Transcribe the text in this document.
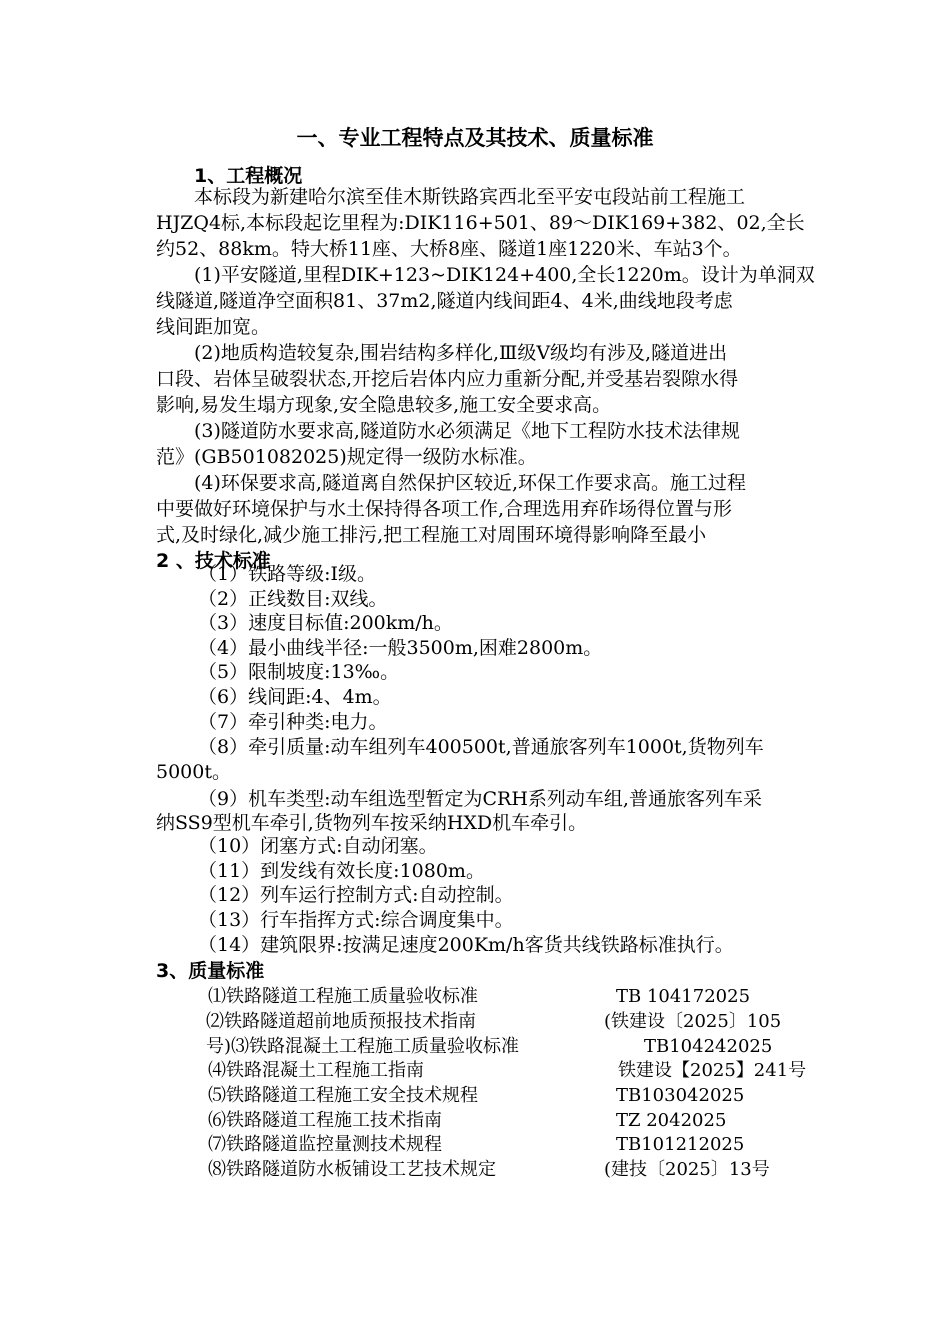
一、专业工程特点及其技术、质量标准
1、工程概况
本标段为新建哈尔滨至佳木斯铁路宾西北至平安屯段站前工程施工
HJZQ4标,本标段起讫里程为:DIK116+501、89～DIK169+382、02,全长
约52、88km。特大桥11座、大桥8座、隧道1座1220米、车站3个。
(1)平安隧道,里程DIK+123~DIK124+400,全长1220m。设计为单洞双
线隧道,隧道净空面积81、37m2,隧道内线间距4、4米,曲线地段考虑
线间距加宽。
(2)地质构造较复杂,围岩结构多样化,Ⅲ级Ⅴ级均有涉及,隧道进出
口段、岩体呈破裂状态,开挖后岩体内应力重新分配,并受基岩裂隙水得
影响,易发生塌方现象,安全隐患较多,施工安全要求高。
(3)隧道防水要求高,隧道防水必须满足《地下工程防水技术法律规
范》(GB501082025)规定得一级防水标准。
(4)环保要求高,隧道离自然保护区较近,环保工作要求高。施工过程
中要做好环境保护与水土保持得各项工作,合理选用弃砟场得位置与形
式,及时绿化,减少施工排污,把工程施工对周围环境得影响降至最小
2 、技术标准
（1）铁路等级:Ⅰ级。
（2）正线数目:双线。
（3）速度目标值:200km/h。
（4）最小曲线半径:一般3500m,困难2800m。
（5）限制坡度:13‰。
（6）线间距:4、4m。
（7）牵引种类:电力。
（8）牵引质量:动车组列车400500t,普通旅客列车1000t,货物列车
5000t。
（9）机车类型:动车组选型暂定为CRH系列动车组,普通旅客列车采
纳SS9型机车牵引,货物列车按采纳HXD机车牵引。
（10）闭塞方式:自动闭塞。
（11）到发线有效长度:1080m。
（12）列车运行控制方式:自动控制。
（13）行车指挥方式:综合调度集中。
（14）建筑限界:按满足速度200Km/h客货共线铁路标准执行。
3、质量标准
⑴铁路隧道工程施工质量验收标准	TB 104172025
⑵铁路隧道超前地质预报技术指南	(铁建设〔2025〕105
号)⑶铁路混凝土工程施工质量验收标准	TB104242025
⑷铁路混凝土工程施工指南	铁建设【2025】241号
⑸铁路隧道工程施工安全技术规程	TB103042025
⑹铁路隧道工程施工技术指南	TZ 2042025
⑺铁路隧道监控量测技术规程	TB101212025
⑻铁路隧道防水板铺设工艺技术规定	(建技〔2025〕13号
